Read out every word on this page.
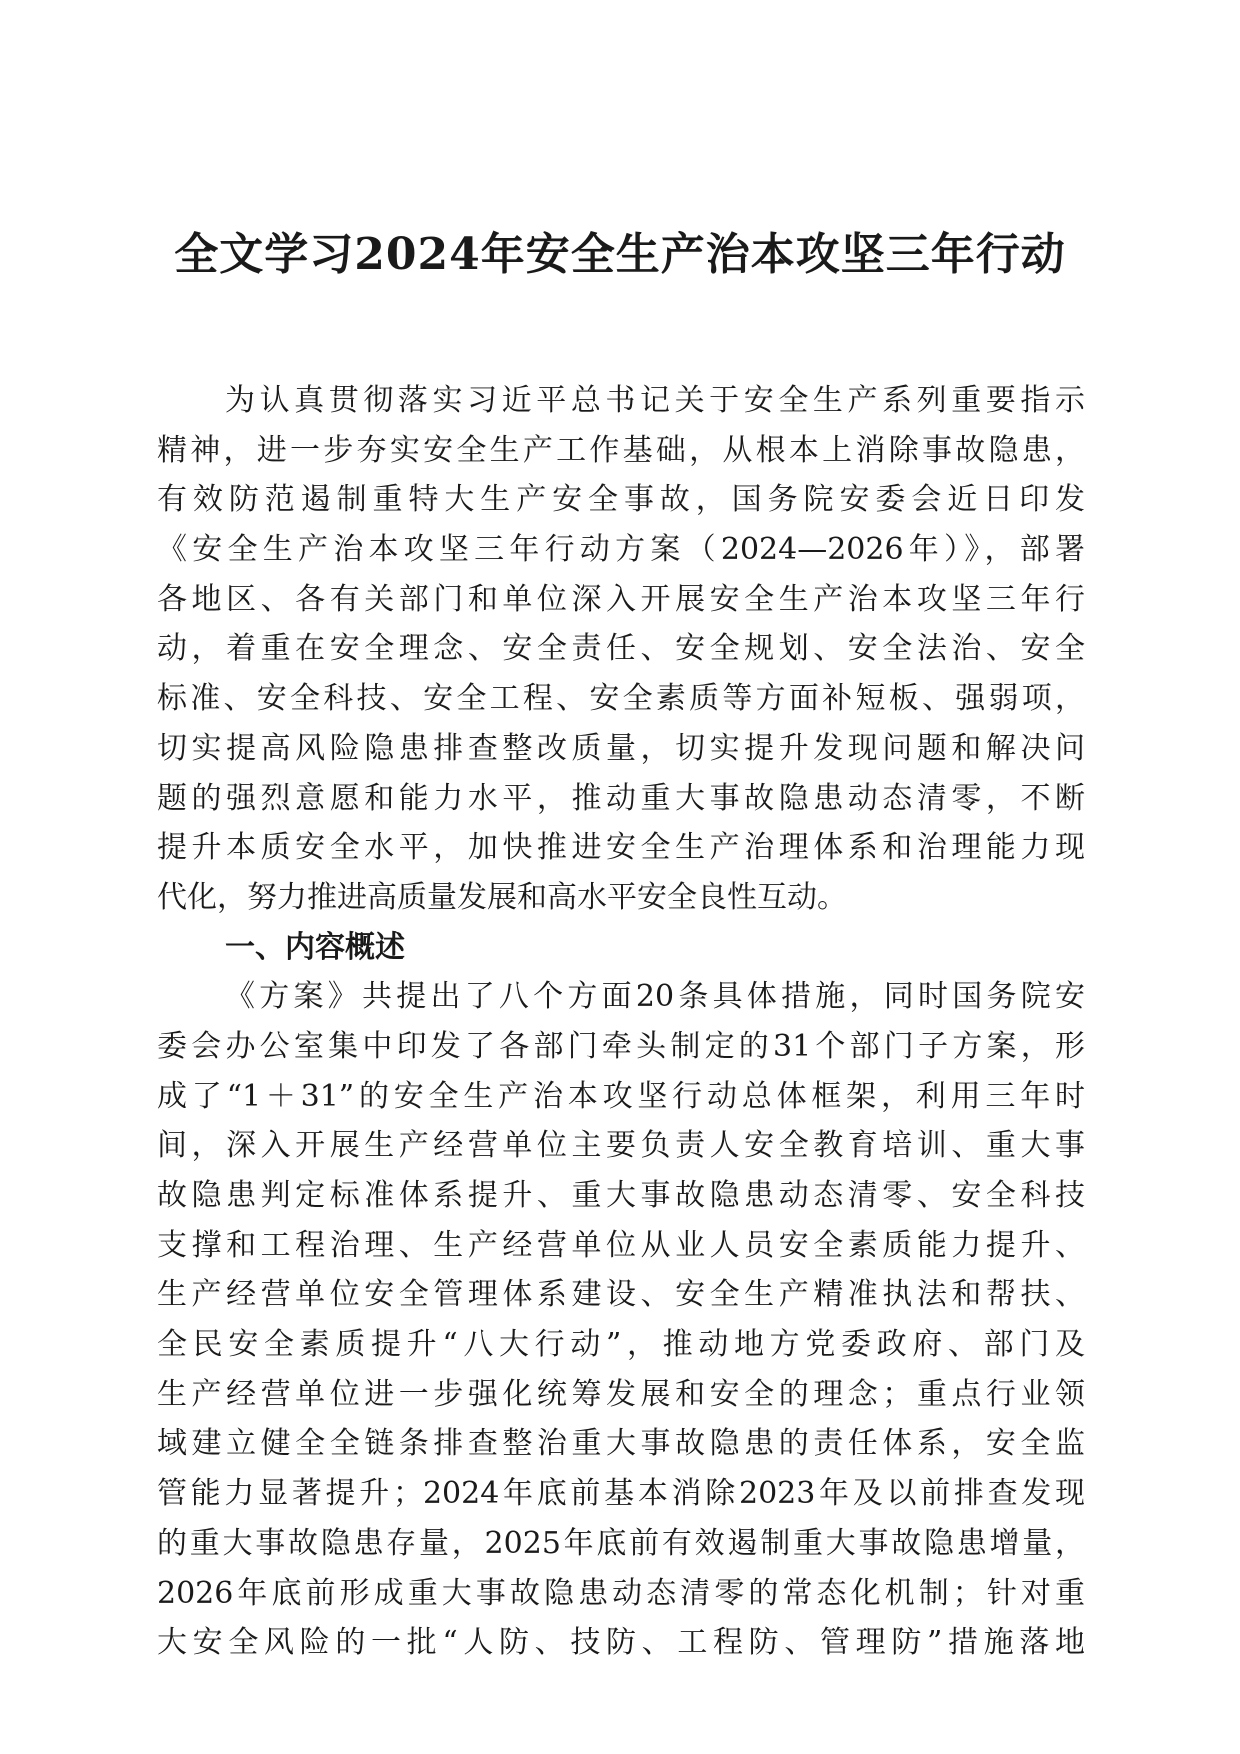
全文学习2024年安全生产治本攻坚三年行动
为认真贯彻落实习近平总书记关于安全生产系列重要指示
精神，进一步夯实安全生产工作基础，从根本上消除事故隐患，
有效防范遏制重特大生产安全事故，国务院安委会近日印发
《安全生产治本攻坚三年行动方案（2024—2026年）》，部署
各地区、各有关部门和单位深入开展安全生产治本攻坚三年行
动，着重在安全理念、安全责任、安全规划、安全法治、安全
标准、安全科技、安全工程、安全素质等方面补短板、强弱项，
切实提高风险隐患排查整改质量，切实提升发现问题和解决问
题的强烈意愿和能力水平，推动重大事故隐患动态清零，不断
提升本质安全水平，加快推进安全生产治理体系和治理能力现
代化，努力推进高质量发展和高水平安全良性互动。
一、内容概述
《方案》共提出了八个方面20条具体措施，同时国务院安
委会办公室集中印发了各部门牵头制定的31个部门子方案，形
成了“1＋31”的安全生产治本攻坚行动总体框架，利用三年时
间，深入开展生产经营单位主要负责人安全教育培训、重大事
故隐患判定标准体系提升、重大事故隐患动态清零、安全科技
支撑和工程治理、生产经营单位从业人员安全素质能力提升、
生产经营单位安全管理体系建设、安全生产精准执法和帮扶、
全民安全素质提升“八大行动”，推动地方党委政府、部门及
生产经营单位进一步强化统筹发展和安全的理念；重点行业领
域建立健全全链条排查整治重大事故隐患的责任体系，安全监
管能力显著提升；2024年底前基本消除2023年及以前排查发现
的重大事故隐患存量，2025年底前有效遏制重大事故隐患增量，
2026年底前形成重大事故隐患动态清零的常态化机制；针对重
大安全风险的一批“人防、技防、工程防、管理防”措施落地
